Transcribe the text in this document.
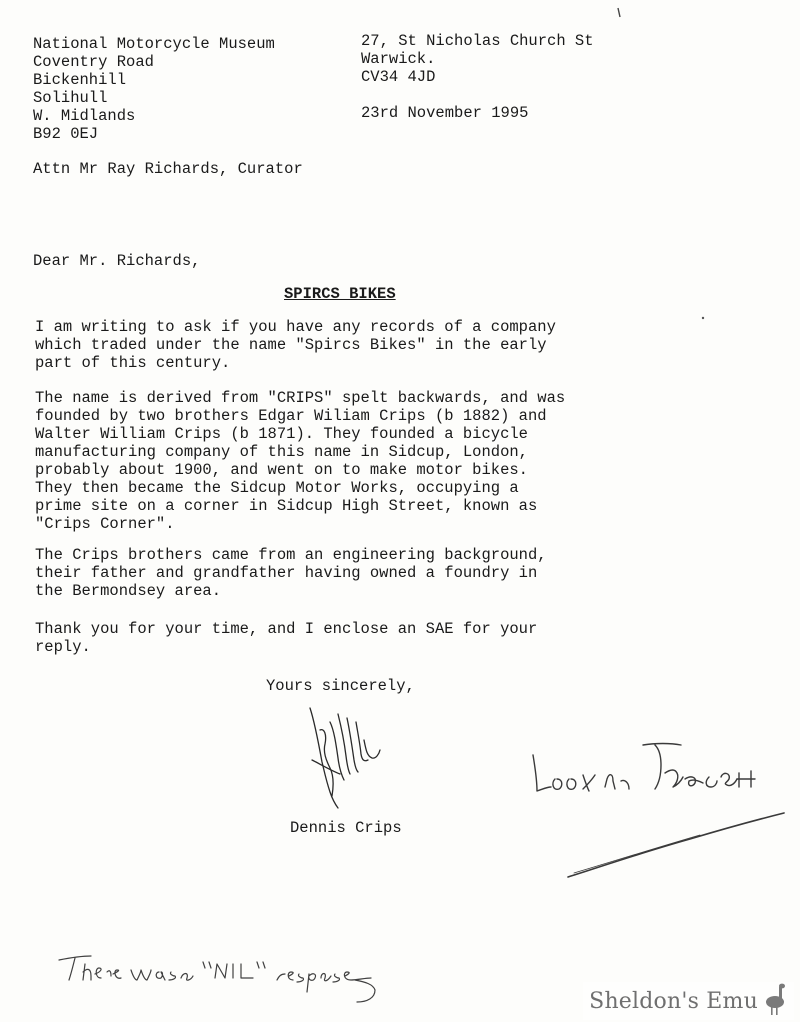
National Motorcycle Museum
Coventry Road
Bickenhill
Solihull
W. Midlands
B92 0EJ
27, St Nicholas Church St
Warwick.
CV34 4JD
23rd November 1995
Attn Mr Ray Richards, Curator
Dear Mr. Richards,
SPIRCS BIKES
I am writing to ask if you have any records of a company
which traded under the name "Spircs Bikes" in the early
part of this century.
The name is derived from "CRIPS" spelt backwards, and was
founded by two brothers Edgar Wiliam Crips (b 1882) and
Walter William Crips (b 1871). They founded a bicycle
manufacturing company of this name in Sidcup, London,
probably about 1900, and went on to make motor bikes.
They then became the Sidcup Motor Works, occupying a
prime site on a corner in Sidcup High Street, known as
"Crips Corner".
The Crips brothers came from an engineering background,
their father and grandfather having owned a foundry in
the Bermondsey area.
Thank you for your time, and I enclose an SAE for your
reply.
Yours sincerely,
Dennis Crips
Sheldon's Emu
